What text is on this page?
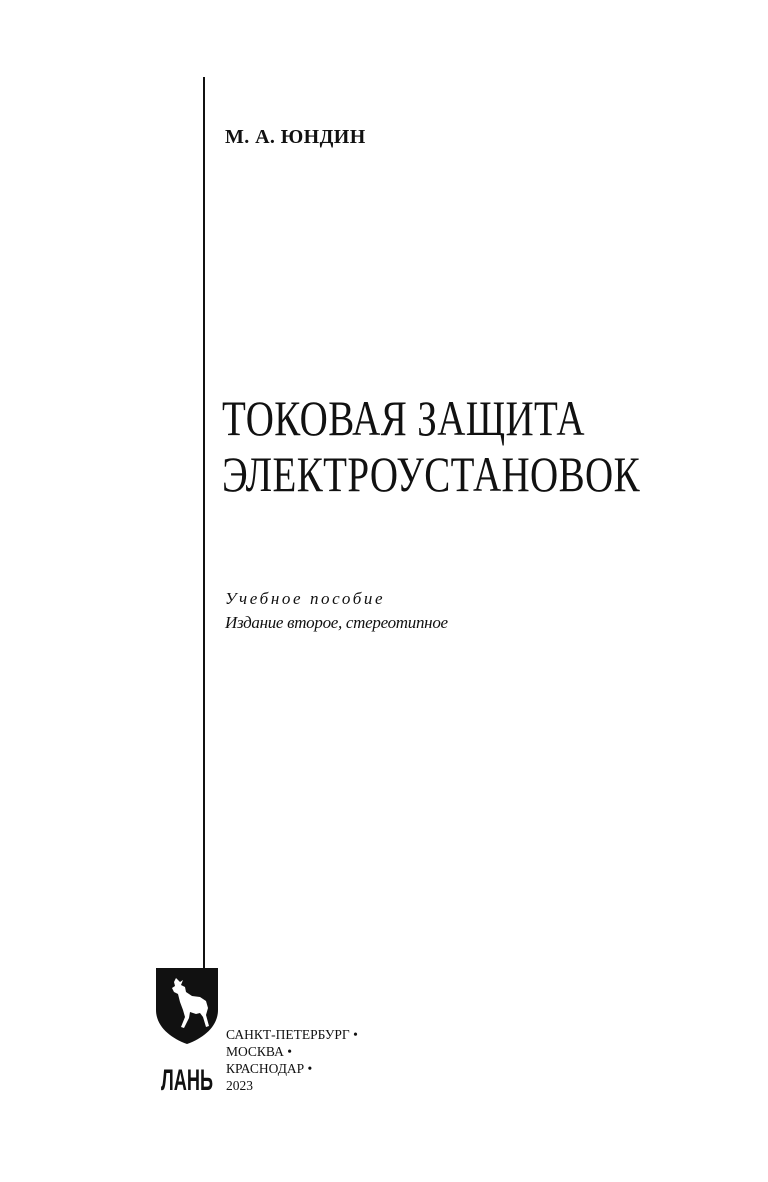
М. А. ЮНДИН
ТОКОВАЯ ЗАЩИТА
ЭЛЕКТРОУСТАНОВОК
Учебное пособие
Издание второе, стереотипное
ЛАНЬ
САНКТ-ПЕТЕРБУРГ •
МОСКВА •
КРАСНОДАР •
2023
